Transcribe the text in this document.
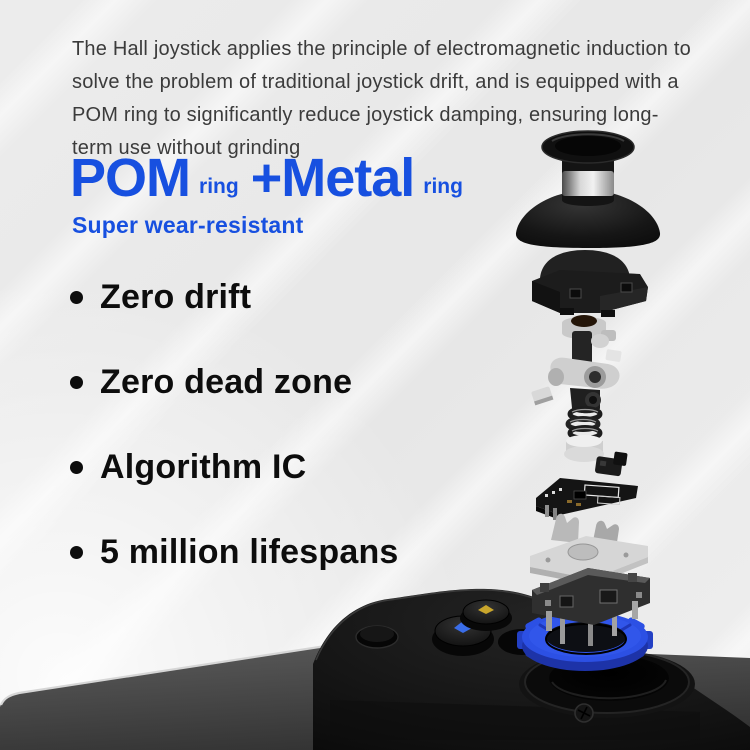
The Hall joystick applies the principle of electromagnetic induction to solve the problem of traditional joystick drift, and is equipped with a POM ring to significantly reduce joystick damping, ensuring long-term use without grinding

POM ring +Metal ring
Super wear-resistant
Zero drift
Zero dead zone
Algorithm IC
5 million lifespans
